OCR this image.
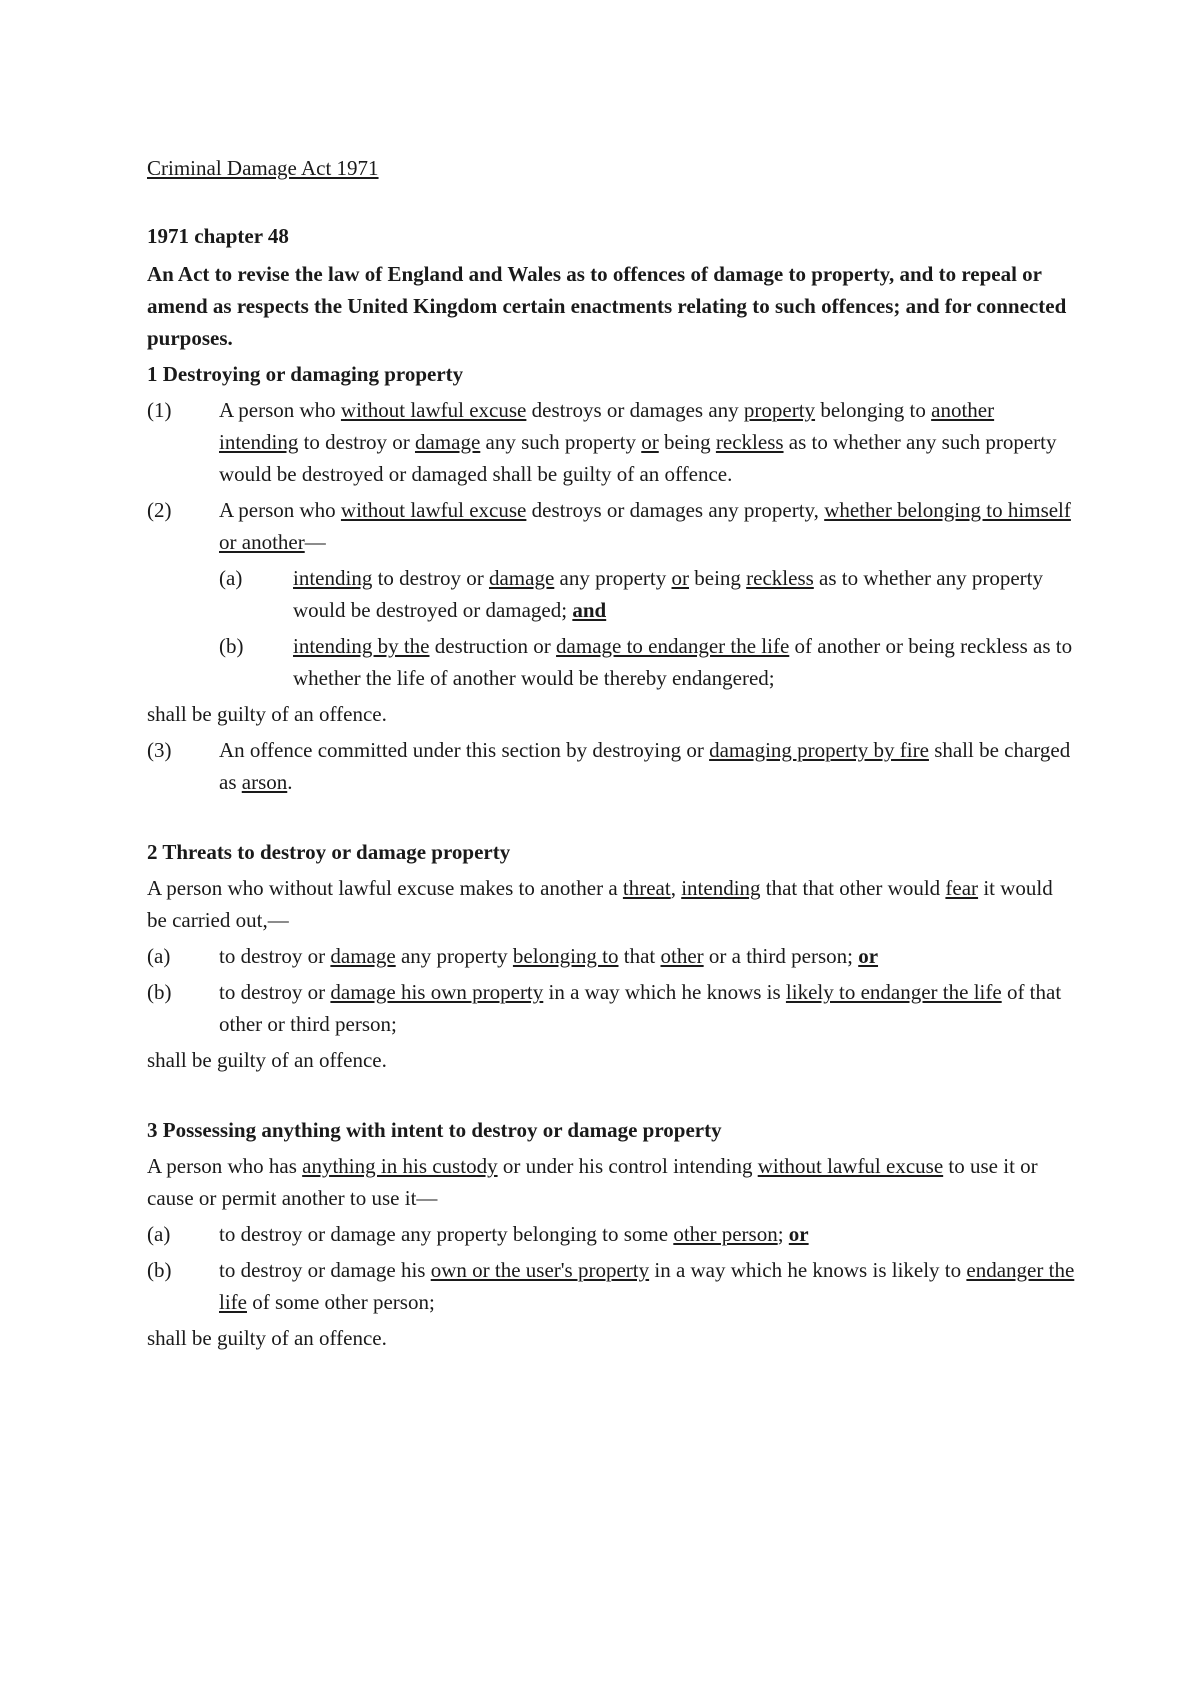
Criminal Damage Act 1971
1971 chapter 48
An Act to revise the law of England and Wales as to offences of damage to property, and to repeal or amend as respects the United Kingdom certain enactments relating to such offences; and for connected purposes.
1 Destroying or damaging property
(1)	A person who without lawful excuse destroys or damages any property belonging to another intending to destroy or damage any such property or being reckless as to whether any such property would be destroyed or damaged shall be guilty of an offence.
(2)	A person who without lawful excuse destroys or damages any property, whether belonging to himself or another—
(a)	intending to destroy or damage any property or being reckless as to whether any property would be destroyed or damaged; and
(b)	intending by the destruction or damage to endanger the life of another or being reckless as to whether the life of another would be thereby endangered;
shall be guilty of an offence.
(3)	An offence committed under this section by destroying or damaging property by fire shall be charged as arson.
2 Threats to destroy or damage property
A person who without lawful excuse makes to another a threat, intending that that other would fear it would be carried out,—
(a)	to destroy or damage any property belonging to that other or a third person; or
(b)	to destroy or damage his own property in a way which he knows is likely to endanger the life of that other or third person;
shall be guilty of an offence.
3 Possessing anything with intent to destroy or damage property
A person who has anything in his custody or under his control intending without lawful excuse to use it or cause or permit another to use it—
(a)	to destroy or damage any property belonging to some other person; or
(b)	to destroy or damage his own or the user's property in a way which he knows is likely to endanger the life of some other person;
shall be guilty of an offence.
